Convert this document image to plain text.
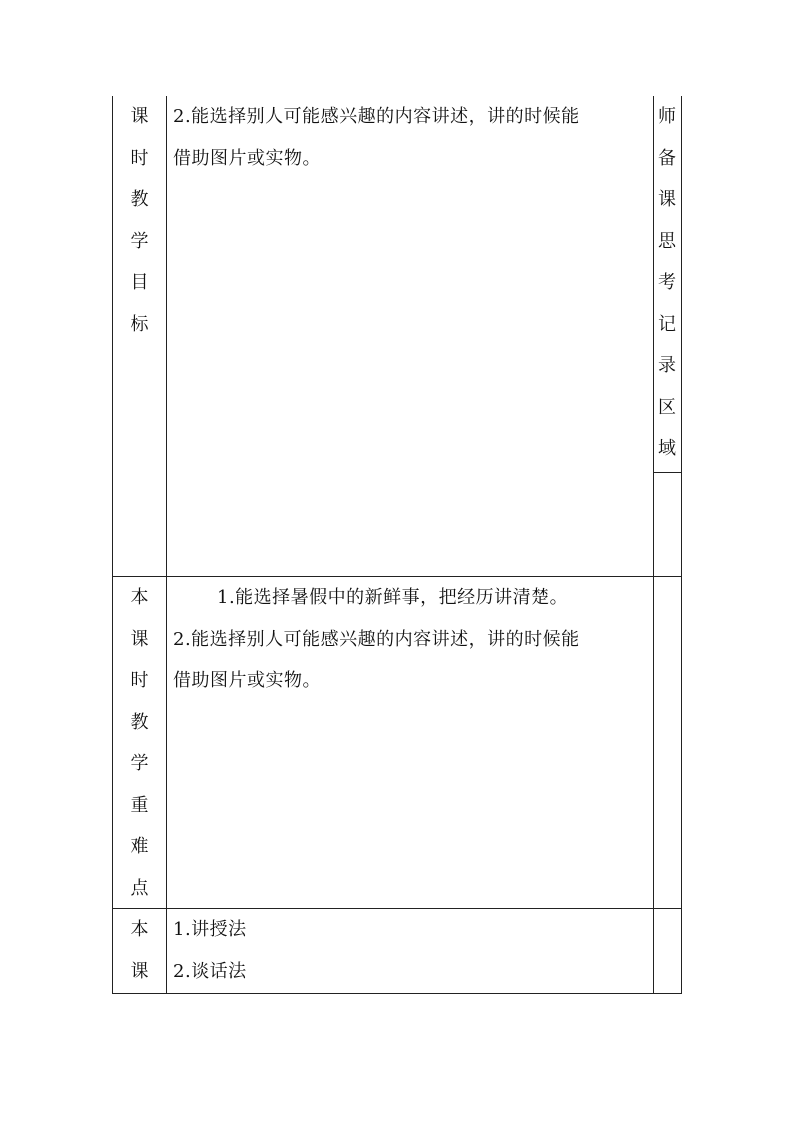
课
时
教
学
目
标
2.能选择别人可能感兴趣的内容讲述，讲的时候能
借助图片或实物。
师
备
课
思
考
记
录
区
域
本
课
时
教
学
重
难
点
1.能选择暑假中的新鲜事，把经历讲清楚。
2.能选择别人可能感兴趣的内容讲述，讲的时候能
借助图片或实物。
本
课
1.讲授法
2.谈话法
